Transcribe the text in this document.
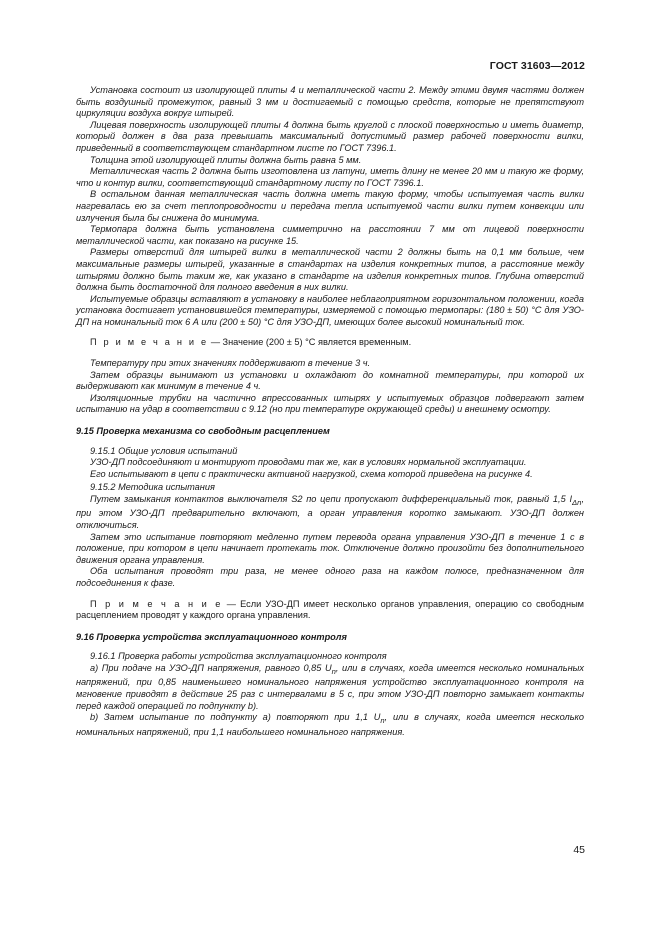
ГОСТ 31603—2012

Установка состоит из изолирующей плиты 4 и металлической части 2. Между этими двумя частями должен быть воздушный промежуток, равный 3 мм и достигаемый с помощью средств, которые не препятствуют циркуляции воздуха вокруг штырей.

Лицевая поверхность изолирующей плиты 4 должна быть круглой с плоской поверхностью и иметь диаметр, который должен в два раза превышать максимальный допустимый размер рабочей поверхности вилки, приведенный в соответствующем стандартном листе по ГОСТ 7396.1.

Толщина этой изолирующей плиты должна быть равна 5 мм.

Металлическая часть 2 должна быть изготовлена из латуни, иметь длину не менее 20 мм и такую же форму, что и контур вилки, соответствующий стандартному листу по ГОСТ 7396.1.

В остальном данная металлическая часть должна иметь такую форму, чтобы испытуемая часть вилки нагревалась ею за счет теплопроводности и передача тепла испытуемой части вилки путем конвекции или излучения была бы снижена до минимума.

Термопара должна быть установлена симметрично на расстоянии 7 мм от лицевой поверхности металлической части, как показано на рисунке 15.

Размеры отверстий для штырей вилки в металлической части 2 должны быть на 0,1 мм больше, чем максимальные размеры штырей, указанные в стандартах на изделия конкретных типов, а расстояние между штырями должно быть таким же, как указано в стандарте на изделия конкретных типов. Глубина отверстий должна быть достаточной для полного введения в них вилки.

Испытуемые образцы вставляют в установку в наиболее неблагоприятном горизонтальном положении, когда установка достигает установившейся температуры, измеряемой с помощью термопары: (180 ± 50) °С для УЗО-ДП на номинальный ток 6 А или (200 ± 50) °С для УЗО-ДП, имеющих более высокий номинальный ток.

П р и м е ч а н и е — Значение (200 ± 5) °С является временным.

Температуру при этих значениях поддерживают в течение 3 ч.

Затем образцы вынимают из установки и охлаждают до комнатной температуры, при которой их выдерживают как минимум в течение 4 ч.

Изоляционные трубки на частично впрессованных штырях у испытуемых образцов подвергают затем испытанию на удар в соответствии с 9.12 (но при температуре окружающей среды) и внешнему осмотру.

9.15 Проверка механизма со свободным расцеплением

9.15.1 Общие условия испытаний

УЗО-ДП подсоединяют и монтируют проводами так же, как в условиях нормальной эксплуатации.

Его испытывают в цепи с практически активной нагрузкой, схема которой приведена на рисунке 4.

9.15.2 Методика испытания

Путем замыкания контактов выключателя S2 по цепи пропускают дифференциальный ток, равный 1,5 $I_{\Delta n}$, при этом УЗО-ДП предварительно включают, а орган управления коротко замыкают. УЗО-ДП должен отключиться.

Затем это испытание повторяют медленно путем перевода органа управления УЗО-ДП в течение 1 с в положение, при котором в цепи начинает протекать ток. Отключение должно произойти без дополнительного движения органа управления.

Оба испытания проводят три раза, не менее одного раза на каждом полюсе, предназначенном для подсоединения к фазе.

П р и м е ч а н и е — Если УЗО-ДП имеет несколько органов управления, операцию со свободным расцеплением проводят у каждого органа управления.

9.16 Проверка устройства эксплуатационного контроля

9.16.1 Проверка работы устройства эксплуатационного контроля

а) При подаче на УЗО-ДП напряжения, равного 0,85 $U_n$, или в случаях, когда имеется несколько номинальных напряжений, при 0,85 наименьшего номинального напряжения устройство эксплуатационного контроля на мгновение приводят в действие 25 раз с интервалами в 5 с, при этом УЗО-ДП повторно замыкает контакты перед каждой операцией по подпункту b).

b) Затем испытание по подпункту а) повторяют при 1,1 $U_n$, или в случаях, когда имеется несколько номинальных напряжений, при 1,1 наибольшего номинального напряжения.

45
